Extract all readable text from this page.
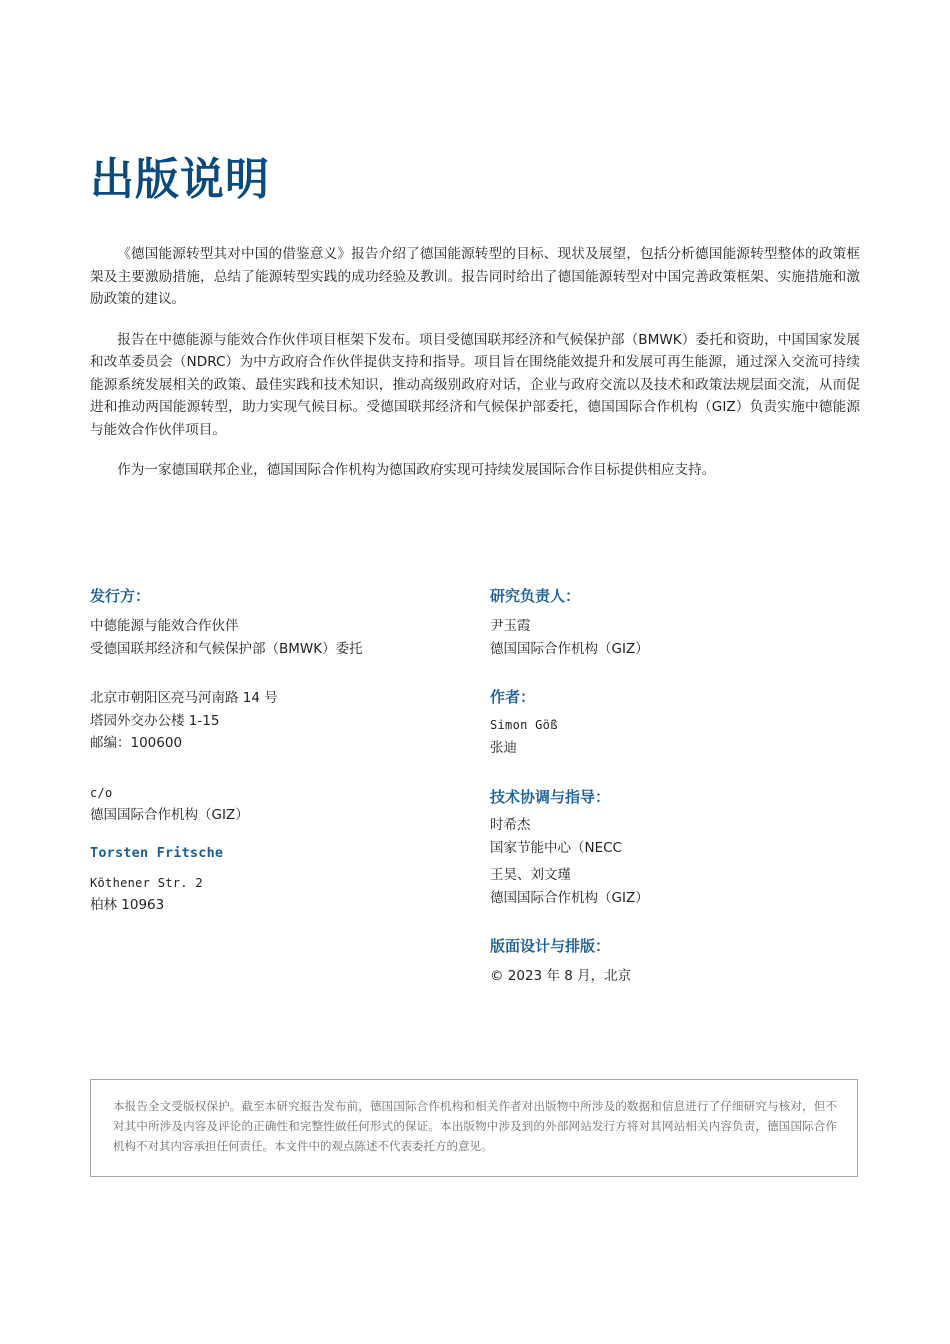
出版说明

《德国能源转型其对中国的借鉴意义》报告介绍了德国能源转型的目标、现状及展望，包括分析德国能源转型整体的政策框架及主要激励措施，总结了能源转型实践的成功经验及教训。报告同时给出了德国能源转型对中国完善政策框架、实施措施和激励政策的建议。

报告在中德能源与能效合作伙伴项目框架下发布。项目受德国联邦经济和气候保护部（BMWK）委托和资助，中国国家发展和改革委员会（NDRC）为中方政府合作伙伴提供支持和指导。项目旨在围绕能效提升和发展可再生能源，通过深入交流可持续能源系统发展相关的政策、最佳实践和技术知识，推动高级别政府对话，企业与政府交流以及技术和政策法规层面交流，从而促进和推动两国能源转型，助力实现气候目标。受德国联邦经济和气候保护部委托，德国国际合作机构（GIZ）负责实施中德能源与能效合作伙伴项目。

作为一家德国联邦企业，德国国际合作机构为德国政府实现可持续发展国际合作目标提供相应支持。

发行方：
中德能源与能效合作伙伴
受德国联邦经济和气候保护部（BMWK）委托
北京市朝阳区亮马河南路 14 号
塔园外交办公楼 1-15
邮编：100600
c/o
德国国际合作机构（GIZ）
Torsten Fritsche
Köthener Str. 2
柏林 10963
研究负责人：
尹玉霞
德国国际合作机构（GIZ）
作者：
Simon Göß
张迪
技术协调与指导：
时希杰
国家节能中心（NECC
王昊、刘文瑾
德国国际合作机构（GIZ）
版面设计与排版：
© 2023 年 8 月，北京
本报告全文受版权保护。截至本研究报告发布前，德国国际合作机构和相关作者对出版物中所涉及的数据和信息进行了仔细研究与核对，但不对其中所涉及内容及评论的正确性和完整性做任何形式的保证。本出版物中涉及到的外部网站发行方将对其网站相关内容负责，德国国际合作机构不对其内容承担任何责任。本文件中的观点陈述不代表委托方的意见。
